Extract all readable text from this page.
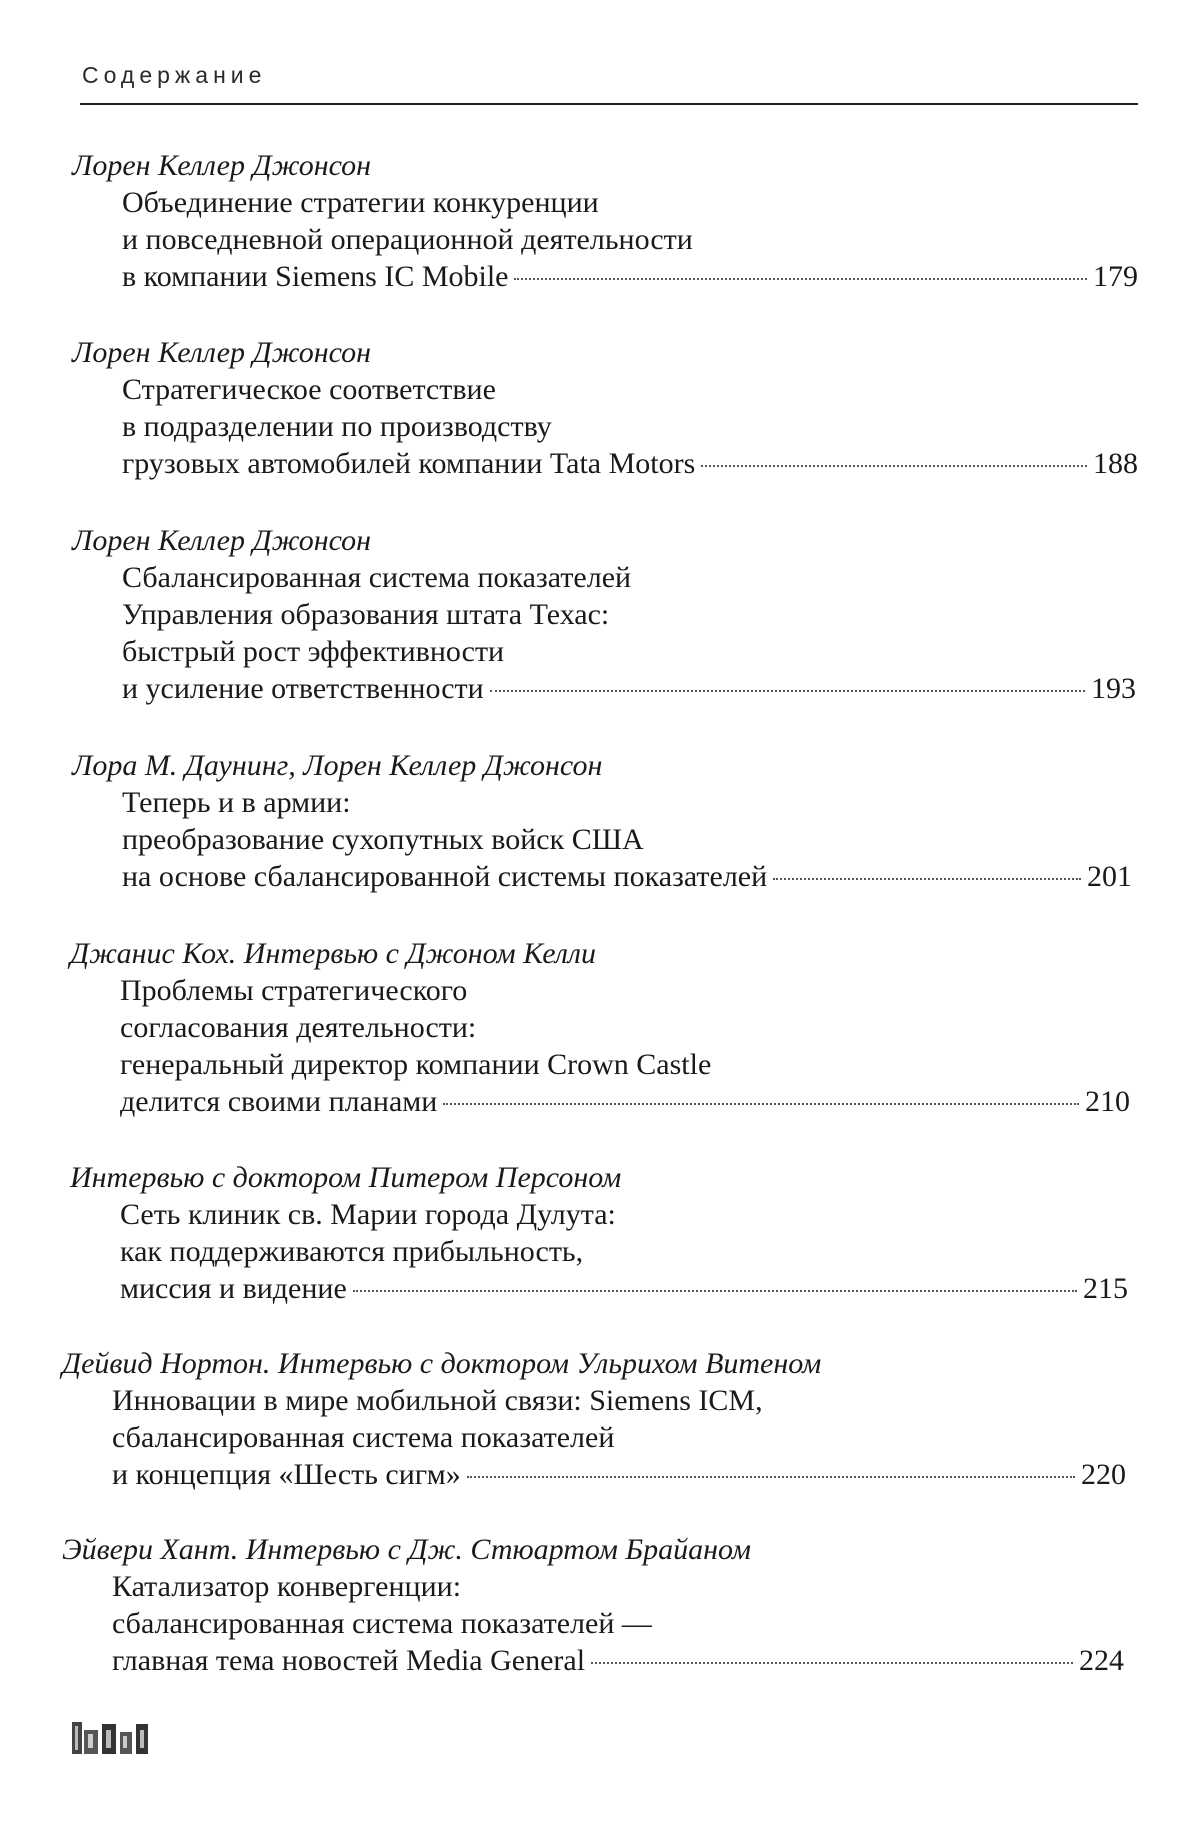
Содержание
Лорен Келлер Джонсон
Объединение стратегии конкуренции
и повседневной операционной деятельности
в компании Siemens IC Mobile	179
Лорен Келлер Джонсон
Стратегическое соответствие
в подразделении по производству
грузовых автомобилей компании Tata Motors	188
Лорен Келлер Джонсон
Сбалансированная система показателей
Управления образования штата Техас:
быстрый рост эффективности
и усиление ответственности	193
Лора М. Даунинг, Лорен Келлер Джонсон
Теперь и в армии:
преобразование сухопутных войск США
на основе сбалансированной системы показателей	201
Джанис Кох. Интервью с Джоном Келли
Проблемы стратегического
согласования деятельности:
генеральный директор компании Crown Castle
делится своими планами	210
Интервью с доктором Питером Персоном
Сеть клиник св. Марии города Дулута:
как поддерживаются прибыльность,
миссия и видение	215
Дейвид Нортон. Интервью с доктором Ульрихом Витеном
Инновации в мире мобильной связи: Siemens ICM,
сбалансированная система показателей
и концепция «Шесть сигм»	220
Эйвери Хант. Интервью с Дж. Стюартом Брайаном
Катализатор конвергенции:
сбалансированная система показателей —
главная тема новостей Media General	224
